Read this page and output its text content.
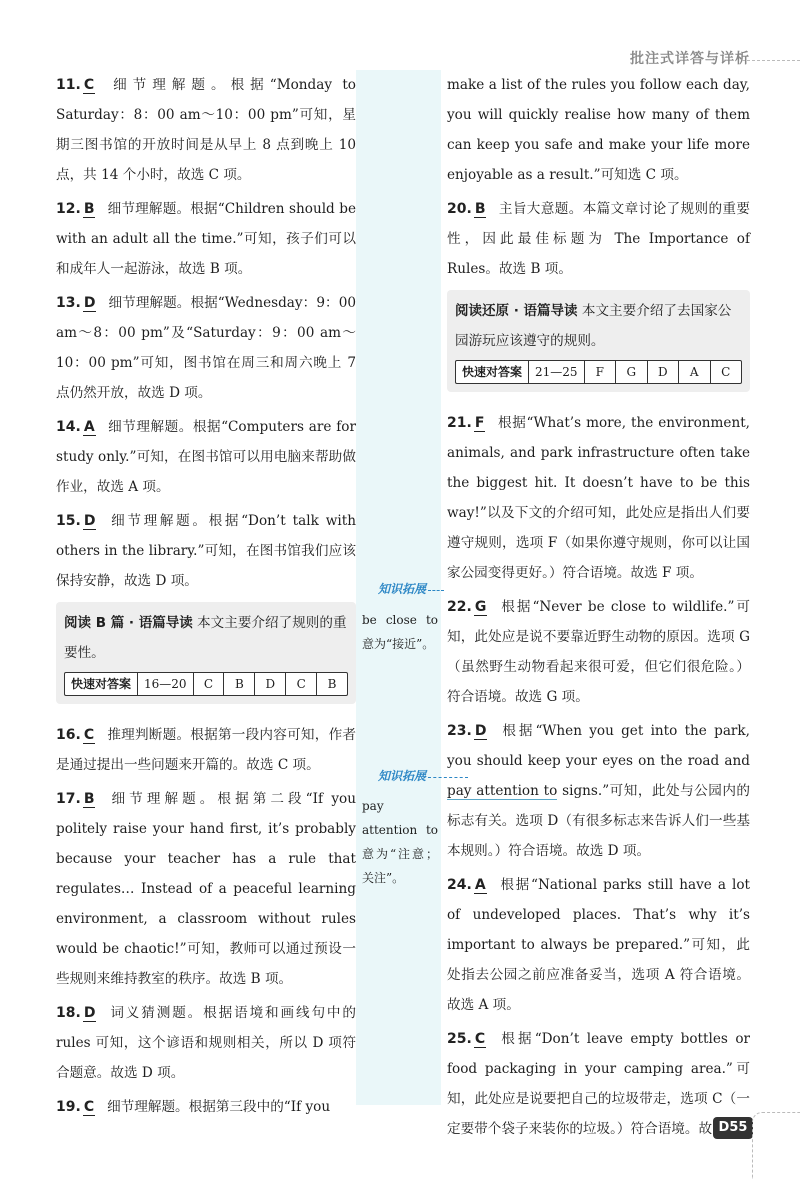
批注式详答与详析
11. C 细节理解题。根据“Monday to Saturday：8：00 am～10：00 pm”可知，星期三图书馆的开放时间是从早上 8 点到晚上 10 点，共 14 个小时，故选 C 项。
12. B 细节理解题。根据“Children should be with an adult all the time.”可知，孩子们可以和成年人一起游泳，故选 B 项。
13. D 细节理解题。根据“Wednesday：9：00 am～8：00 pm”及“Saturday：9：00 am～10：00 pm”可知，图书馆在周三和周六晚上 7 点仍然开放，故选 D 项。
14. A 细节理解题。根据“Computers are for study only.”可知，在图书馆可以用电脑来帮助做作业，故选 A 项。
15. D 细节理解题。根据“Don’t talk with others in the library.”可知，在图书馆我们应该保持安静，故选 D 项。
阅读 B 篇 · 语篇导读 本文主要介绍了规则的重要性。
快速对答案	16—20	C	B	D	C	B
16. C 推理判断题。根据第一段内容可知，作者是通过提出一些问题来开篇的。故选 C 项。
17. B 细节理解题。根据第二段“If you politely raise your hand first, it’s probably because your teacher has a rule that regulates… Instead of a peaceful learning environment, a classroom without rules would be chaotic!”可知，教师可以通过预设一些规则来维持教室的秩序。故选 B 项。
18. D 词义猜测题。根据语境和画线句中的 rules 可知，这个谚语和规则相关，所以 D 项符合题意。故选 D 项。
19. C 细节理解题。根据第三段中的“If you
make a list of the rules you follow each day, you will quickly realise how many of them can keep you safe and make your life more enjoyable as a result.”可知选 C 项。
20. B 主旨大意题。本篇文章讨论了规则的重要性，因此最佳标题为 The Importance of Rules。故选 B 项。
阅读还原 · 语篇导读 本文主要介绍了去国家公园游玩应该遵守的规则。
快速对答案	21—25	F	G	D	A	C
21. F 根据“What’s more, the environment, animals, and park infrastructure often take the biggest hit. It doesn’t have to be this way!”以及下文的介绍可知，此处应是指出人们要遵守规则，选项 F（如果你遵守规则，你可以让国家公园变得更好。）符合语境。故选 F 项。
22. G 根据“Never be close to wildlife.”可知，此处应是说不要靠近野生动物的原因。选项 G（虽然野生动物看起来很可爱，但它们很危险。）符合语境。故选 G 项。
23. D 根据“When you get into the park, you should keep your eyes on the road and pay attention to signs.”可知，此处与公园内的标志有关。选项 D（有很多标志来告诉人们一些基本规则。）符合语境。故选 D 项。
24. A 根据“National parks still have a lot of undeveloped places. That’s why it’s important to always be prepared.”可知，此处指去公园之前应准备妥当，选项 A 符合语境。故选 A 项。
25. C 根据“Don’t leave empty bottles or food packaging in your camping area.”可知，此处应是说要把自己的垃圾带走，选项 C（一定要带个袋子来装你的垃圾。）符合语境。故
知识拓展
be close to 意为“接近”。
知识拓展
pay attention to 意为“注意；关注”。
D55
